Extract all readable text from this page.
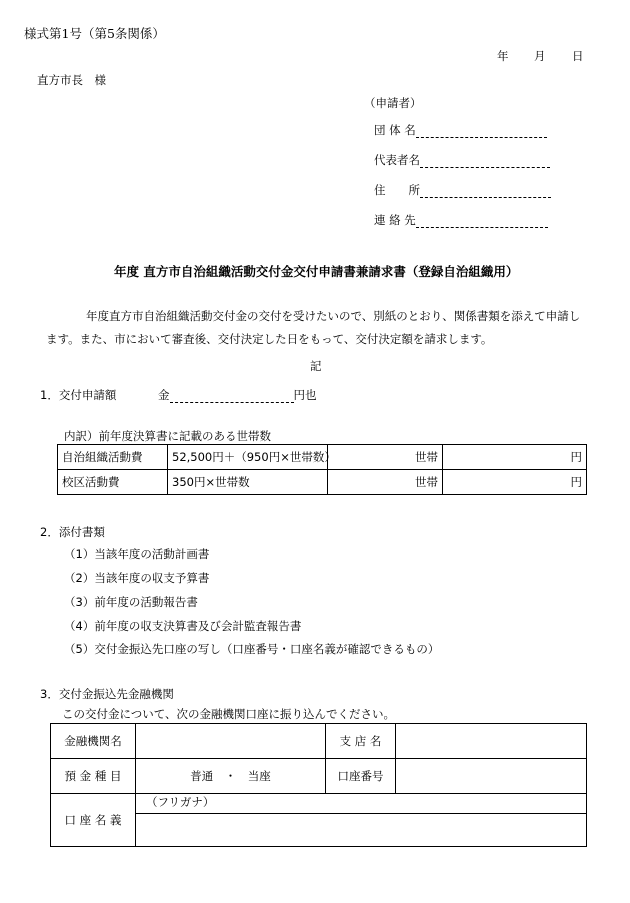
様式第1号（第5条関係）
年 月 日
直方市長　様
（申請者）
団 体 名
代表者名
住　　所
連 絡 先
年度 直方市自治組織活動交付金交付申請書兼請求書（登録自治組織用）
年度直方市自治組織活動交付金の交付を受けたいので、別紙のとおり、関係書類を添えて申請し
ます。また、市において審査後、交付決定した日をもって、交付決定額を請求します。
記
1．交付申請額	金	円也
内訳）前年度決算書に記載のある世帯数
自治組織活動費	52,500円＋（950円×世帯数）	世帯	円
校区活動費	350円×世帯数	世帯	円
2．添付書類
（1）当該年度の活動計画書
（2）当該年度の収支予算書
（3）前年度の活動報告書
（4）前年度の収支決算書及び会計監査報告書
（5）交付金振込先口座の写し（口座番号・口座名義が確認できるもの）
3．交付金振込先金融機関
この交付金について、次の金融機関口座に振り込んでください。
金融機関名		支 店 名	
預 金 種 目	普通　・　当座	口座番号	
口 座 名 義	（フリガナ）		
